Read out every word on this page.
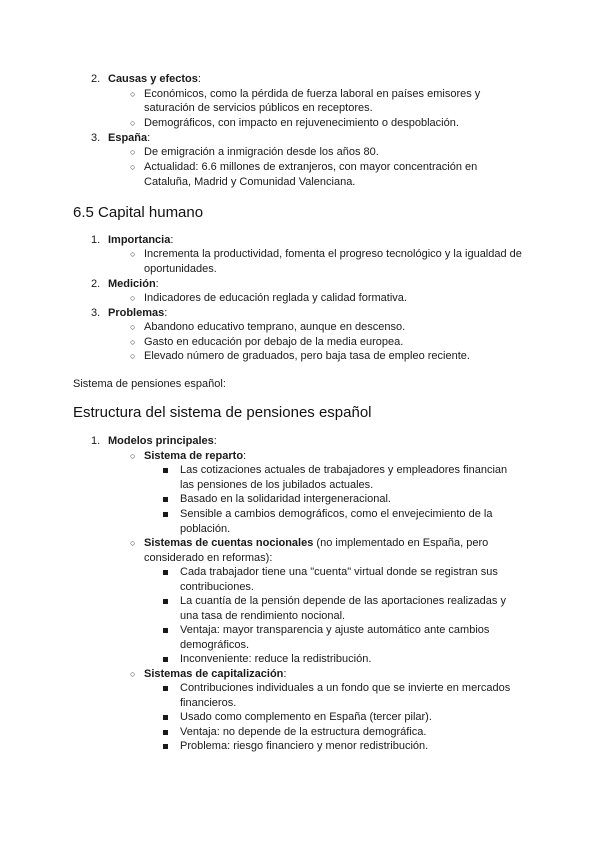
2. Causas y efectos:
○ Económicos, como la pérdida de fuerza laboral en países emisores y
saturación de servicios públicos en receptores.
○ Demográficos, con impacto en rejuvenecimiento o despoblación.
3. España:
○ De emigración a inmigración desde los años 80.
○ Actualidad: 6.6 millones de extranjeros, con mayor concentración en
Cataluña, Madrid y Comunidad Valenciana.
6.5 Capital humano
1. Importancia:
○ Incrementa la productividad, fomenta el progreso tecnológico y la igualdad de
oportunidades.
2. Medición:
○ Indicadores de educación reglada y calidad formativa.
3. Problemas:
○ Abandono educativo temprano, aunque en descenso.
○ Gasto en educación por debajo de la media europea.
○ Elevado número de graduados, pero baja tasa de empleo reciente.
Sistema de pensiones español:
Estructura del sistema de pensiones español
1. Modelos principales:
○ Sistema de reparto:
Las cotizaciones actuales de trabajadores y empleadores financian
las pensiones de los jubilados actuales.
Basado en la solidaridad intergeneracional.
Sensible a cambios demográficos, como el envejecimiento de la
población.
○ Sistemas de cuentas nocionales (no implementado en España, pero
considerado en reformas):
Cada trabajador tiene una "cuenta" virtual donde se registran sus
contribuciones.
La cuantía de la pensión depende de las aportaciones realizadas y
una tasa de rendimiento nocional.
Ventaja: mayor transparencia y ajuste automático ante cambios
demográficos.
Inconveniente: reduce la redistribución.
○ Sistemas de capitalización:
Contribuciones individuales a un fondo que se invierte en mercados
financieros.
Usado como complemento en España (tercer pilar).
Ventaja: no depende de la estructura demográfica.
Problema: riesgo financiero y menor redistribución.
